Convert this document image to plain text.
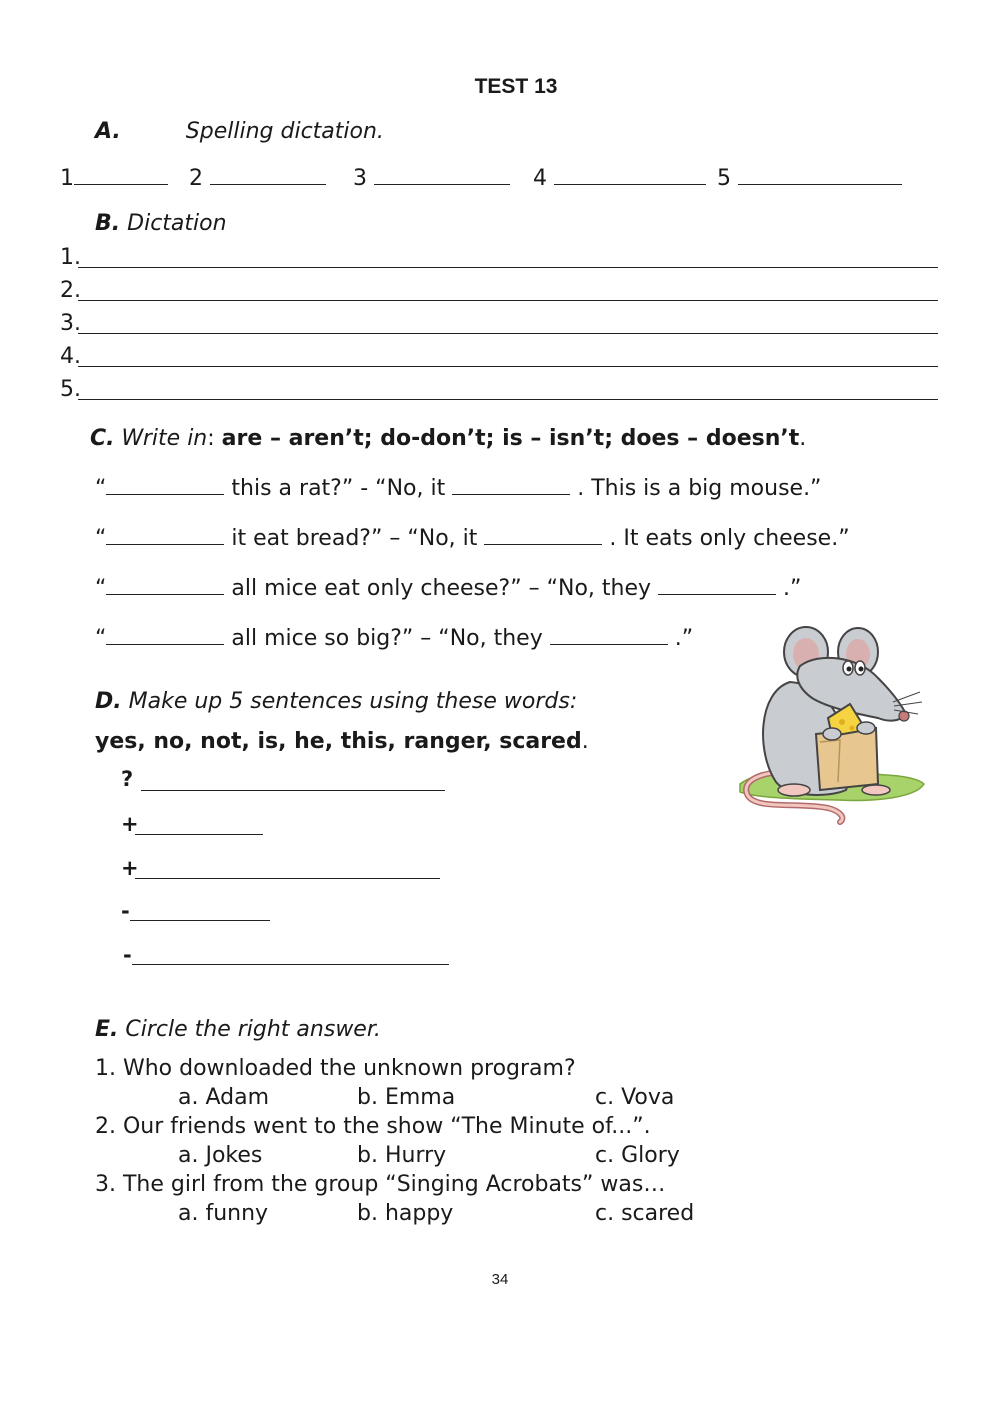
TEST 13
A.	Spelling dictation.
1	2	3	4	5
B. Dictation
1.
2.
3.
4.
5.
C. Write in: are – aren’t; do-don’t; is – isn’t; does – doesn’t.
“	this a rat?” - “No, it	. This is a big mouse.”
“	it eat bread?” – “No, it	. It eats only cheese.”
“	all mice eat only cheese?” – “No, they	.”
“	all mice so big?” – “No, they	.”
D. Make up 5 sentences using these words:
yes, no, not, is, he, this, ranger, scared.
?
+
+
-
-
E. Circle the right answer.
1. Who downloaded the unknown program?
a. Adam	b. Emma	c. Vova
2. Our friends went to the show “The Minute of...”.
a. Jokes	b. Hurry	c. Glory
3. The girl from the group “Singing Acrobats” was…
a. funny	b. happy	c. scared
34
